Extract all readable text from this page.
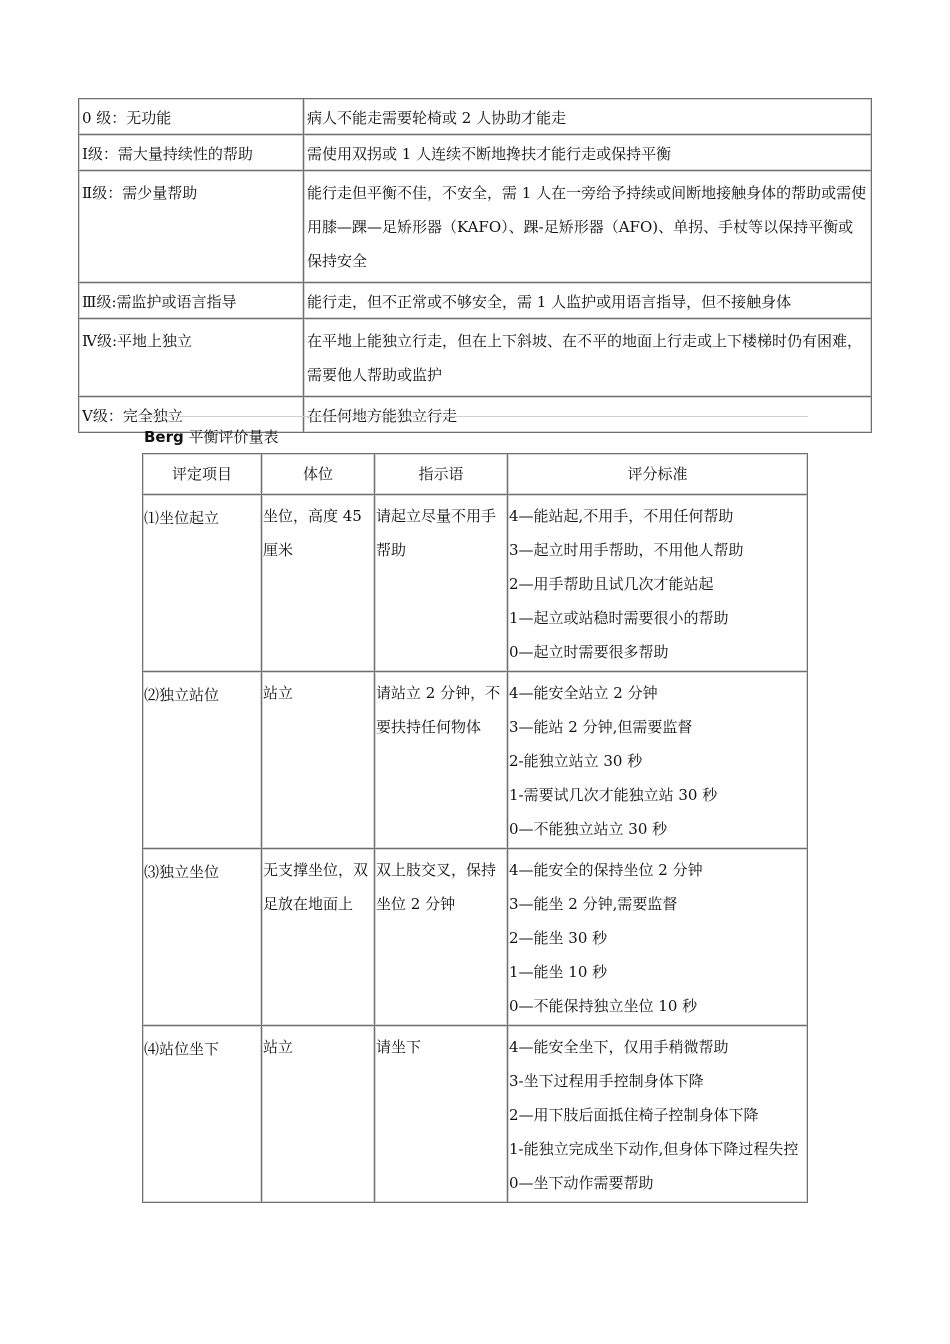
0 级：无功能	病人不能走需要轮椅或 2 人协助才能走
Ⅰ级：需大量持续性的帮助	需使用双拐或 1 人连续不断地搀扶才能行走或保持平衡
Ⅱ级：需少量帮助	能行走但平衡不佳，不安全，需 1 人在一旁给予持续或间断地接触身体的帮助或需使用膝—踝—足矫形器（KAFO）、踝-足矫形器（AFO)、单拐、手杖等以保持平衡或保持安全
Ⅲ级:需监护或语言指导	能行走，但不正常或不够安全，需 1 人监护或用语言指导，但不接触身体
Ⅳ级:平地上独立	在平地上能独立行走，但在上下斜坡、在不平的地面上行走或上下楼梯时仍有困难，需要他人帮助或监护
Ⅴ级：完全独立	在任何地方能独立行走
Berg 平衡评价量表
评定项目	体位	指示语	评分标准

⑴坐位起立	坐位，高度 45 厘米	请起立尽量不用手帮助	4—能站起,不用手，不用任何帮助
3—起立时用手帮助，不用他人帮助
2—用手帮助且试几次才能站起
1—起立或站稳时需要很小的帮助
0—起立时需要很多帮助

⑵独立站位	站立	请站立 2 分钟，不要扶持任何物体	4—能安全站立 2 分钟
3—能站 2 分钟,但需要监督
2-能独立站立 30 秒
1-需要试几次才能独立站 30 秒
0—不能独立站立 30 秒

⑶独立坐位	无支撑坐位，双足放在地面上	双上肢交叉，保持坐位 2 分钟	4—能安全的保持坐位 2 分钟
3—能坐 2 分钟,需要监督
2—能坐 30 秒
1—能坐 10 秒
0—不能保持独立坐位 10 秒

⑷站位坐下	站立	请坐下	4—能安全坐下，仅用手稍微帮助
3-坐下过程用手控制身体下降
2—用下肢后面抵住椅子控制身体下降
1-能独立完成坐下动作,但身体下降过程失控
0—坐下动作需要帮助
